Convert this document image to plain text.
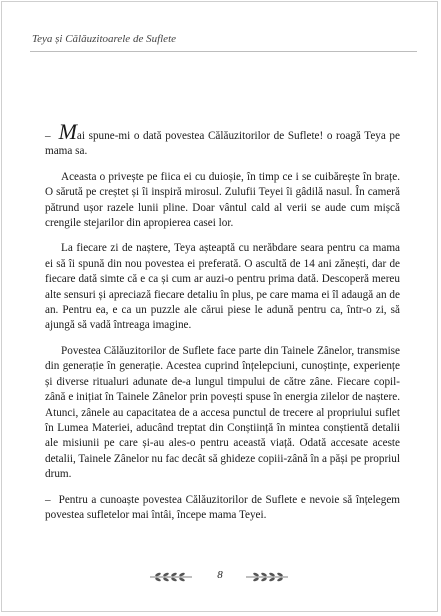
Teya și Călăuzitoarele de Suflete

– Mai spune-mi o dată povestea Călăuzitorilor de Suflete! o roagă Teya pe mama sa.

Aceasta o privește pe fiica ei cu duioșie, în timp ce i se cuibărește în brațe. O sărută pe creștet și îi inspiră mirosul. Zulufii Teyei îi gâdilă nasul. În cameră pătrund ușor razele lunii pline. Doar vântul cald al verii se aude cum mișcă crengile stejarilor din apropierea casei lor.

La fiecare zi de naștere, Teya așteaptă cu nerăbdare seara pentru ca mama ei să îi spună din nou povestea ei preferată. O ascultă de 14 ani zănești, dar de fiecare dată simte că e ca și cum ar auzi-o pentru prima dată. Descoperă mereu alte sensuri și apreciază fiecare detaliu în plus, pe care mama ei îl adaugă an de an. Pentru ea, e ca un puzzle ale cărui piese le adună pentru ca, într-o zi, să ajungă să vadă întreaga imagine.

Povestea Călăuzitorilor de Suflete face parte din Tainele Zânelor, transmise din generație în generație. Acestea cuprind înțelepciuni, cunoștințe, experiențe și diverse ritualuri adunate de-a lungul timpului de către zâne. Fiecare copil-zână e inițiat în Tainele Zânelor prin povești spuse în energia zilelor de naștere. Atunci, zânele au capacitatea de a accesa punctul de trecere al propriului suflet în Lumea Materiei, aducând treptat din Conștiință în mintea conștientă detalii ale misiunii pe care și-au ales-o pentru această viață. Odată accesate aceste detalii, Tainele Zânelor nu fac decât să ghideze copiii-zână în a păși pe propriul drum.

– Pentru a cunoaște povestea Călăuzitorilor de Suflete e nevoie să înțelegem povestea sufletelor mai întâi, începe mama Teyei.

8
